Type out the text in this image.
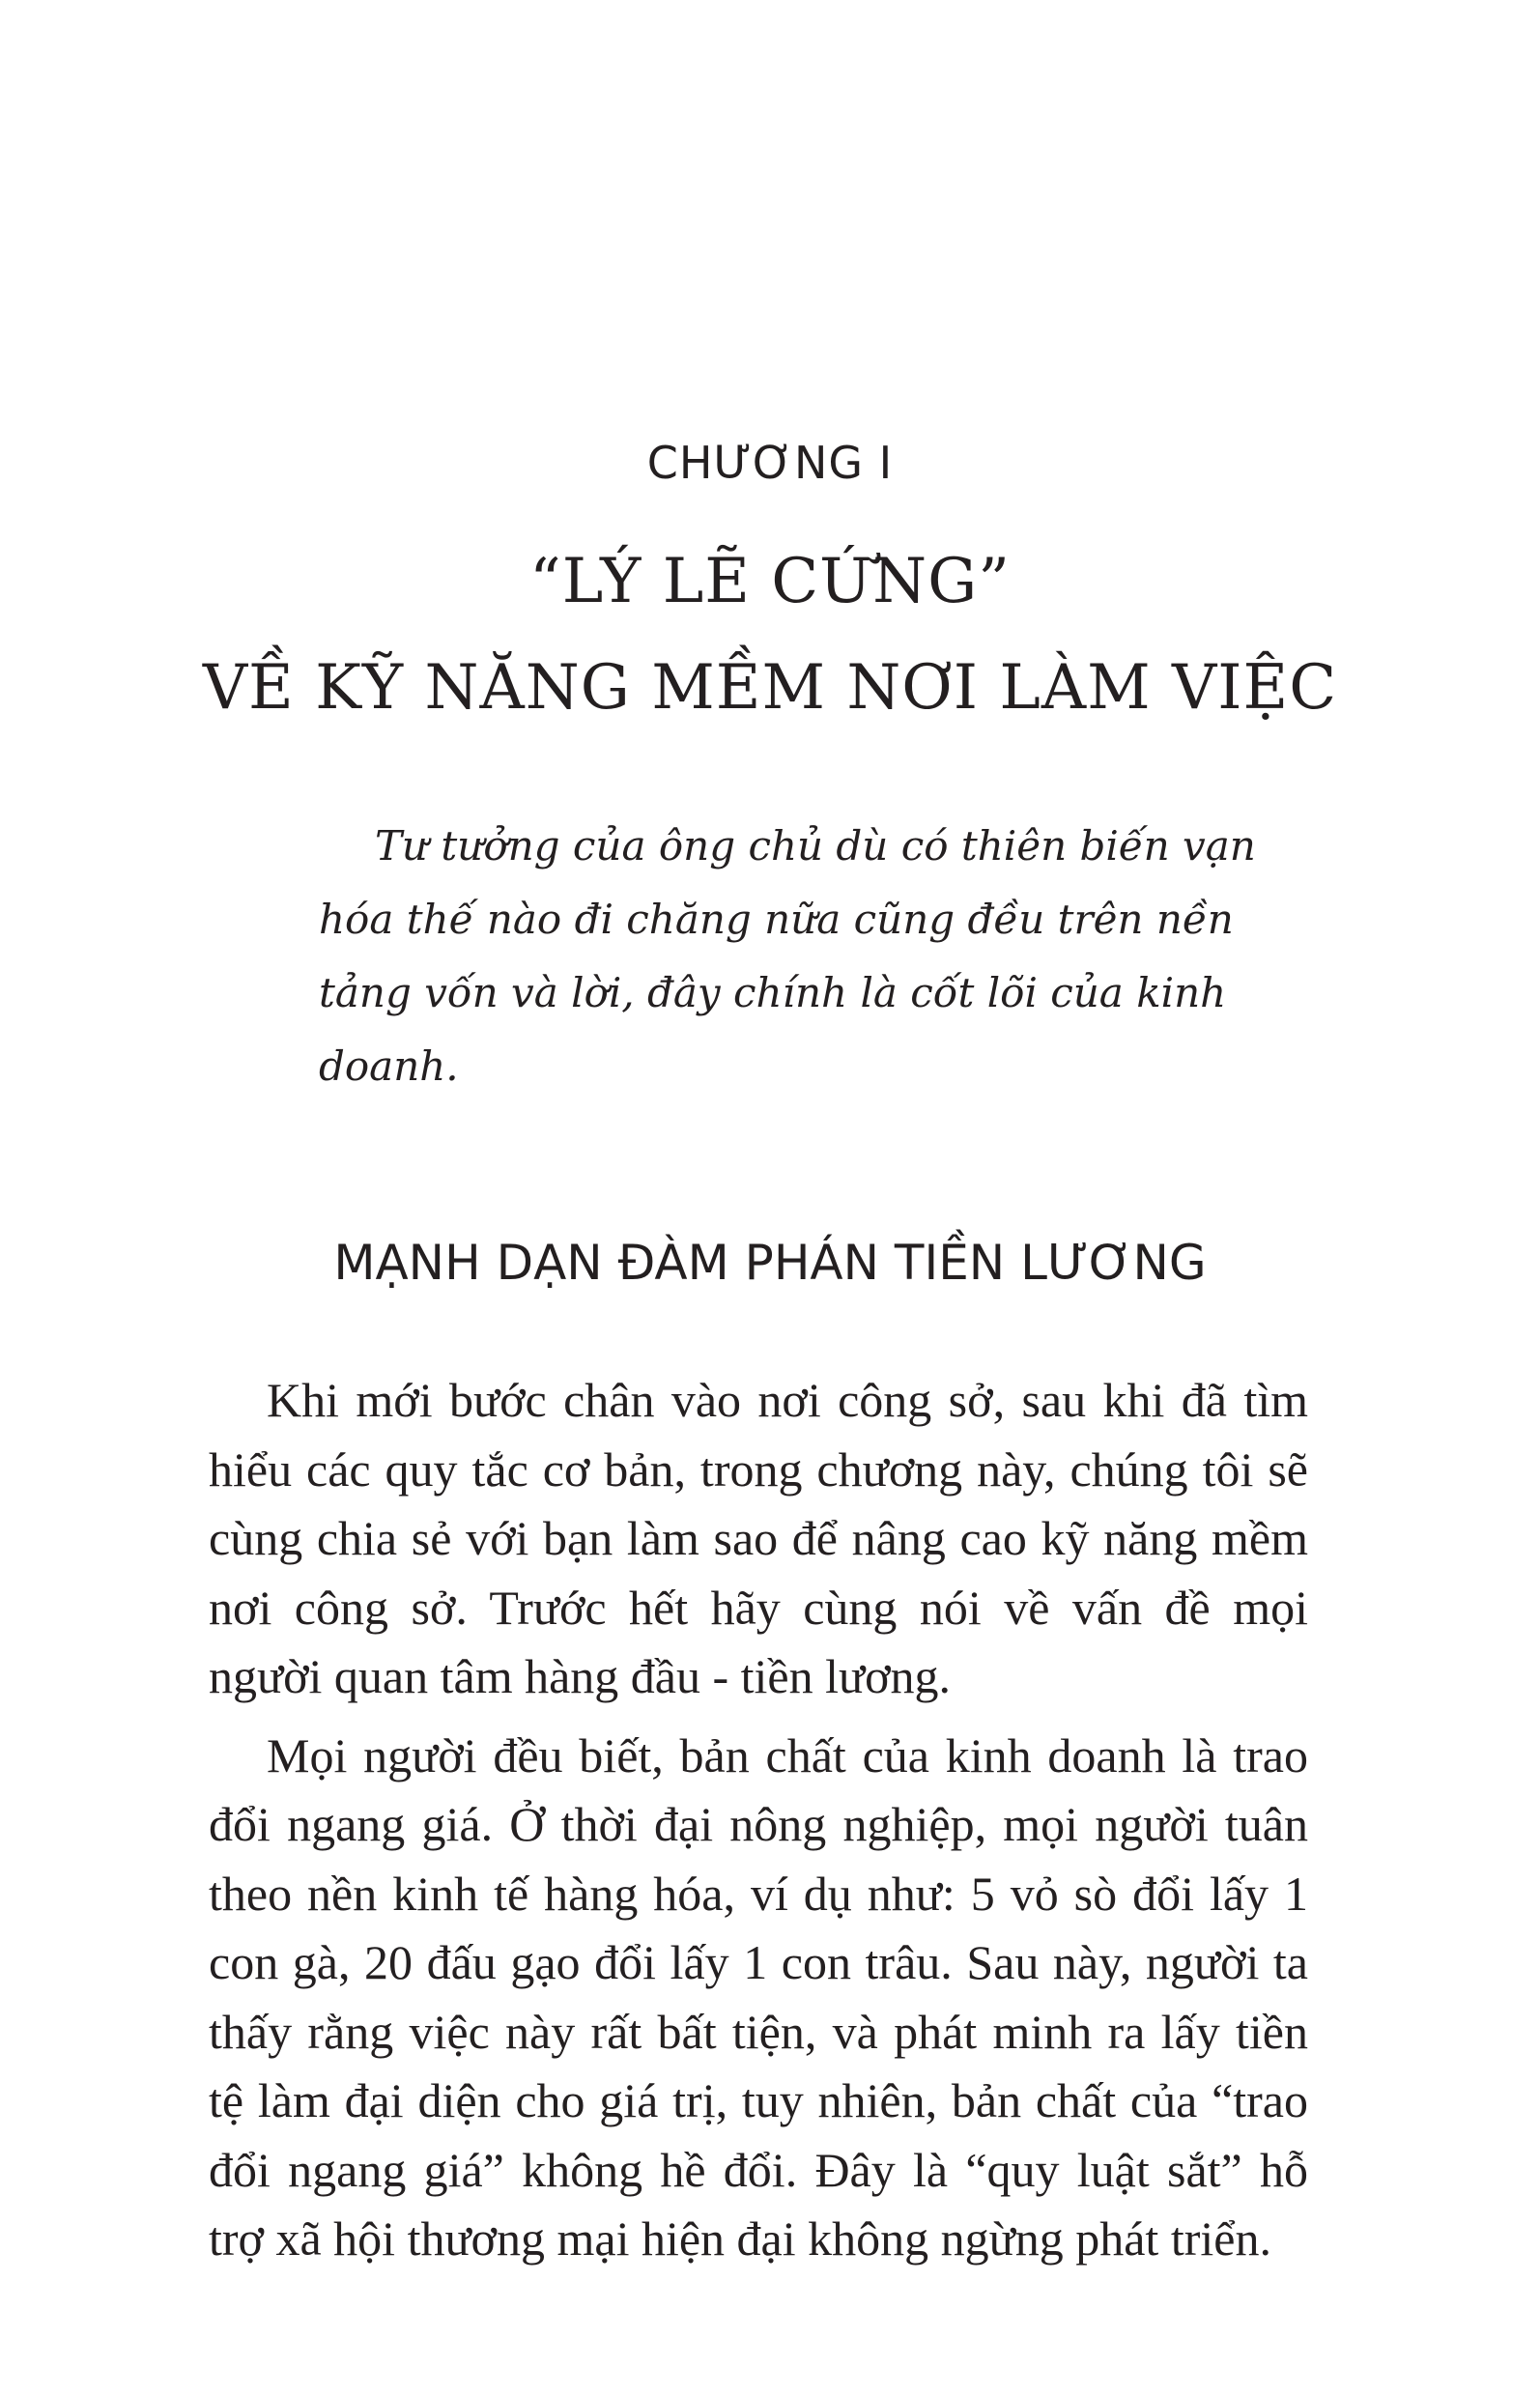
CHƯƠNG I
“LÝ LẼ CỨNG”
VỀ KỸ NĂNG MỀM NƠI LÀM VIỆC

Tư tưởng của ông chủ dù có thiên biến vạn hóa thế nào đi chăng nữa cũng đều trên nền tảng vốn và lời, đây chính là cốt lõi của kinh doanh.

MẠNH DẠN ĐÀM PHÁN TIỀN LƯƠNG

Khi mới bước chân vào nơi công sở, sau khi đã tìm hiểu các quy tắc cơ bản, trong chương này, chúng tôi sẽ cùng chia sẻ với bạn làm sao để nâng cao kỹ năng mềm nơi công sở. Trước hết hãy cùng nói về vấn đề mọi người quan tâm hàng đầu - tiền lương.

Mọi người đều biết, bản chất của kinh doanh là trao đổi ngang giá. Ở thời đại nông nghiệp, mọi người tuân theo nền kinh tế hàng hóa, ví dụ như: 5 vỏ sò đổi lấy 1 con gà, 20 đấu gạo đổi lấy 1 con trâu. Sau này, người ta thấy rằng việc này rất bất tiện, và phát minh ra lấy tiền tệ làm đại diện cho giá trị, tuy nhiên, bản chất của “trao đổi ngang giá” không hề đổi. Đây là “quy luật sắt” hỗ trợ xã hội thương mại hiện đại không ngừng phát triển.
